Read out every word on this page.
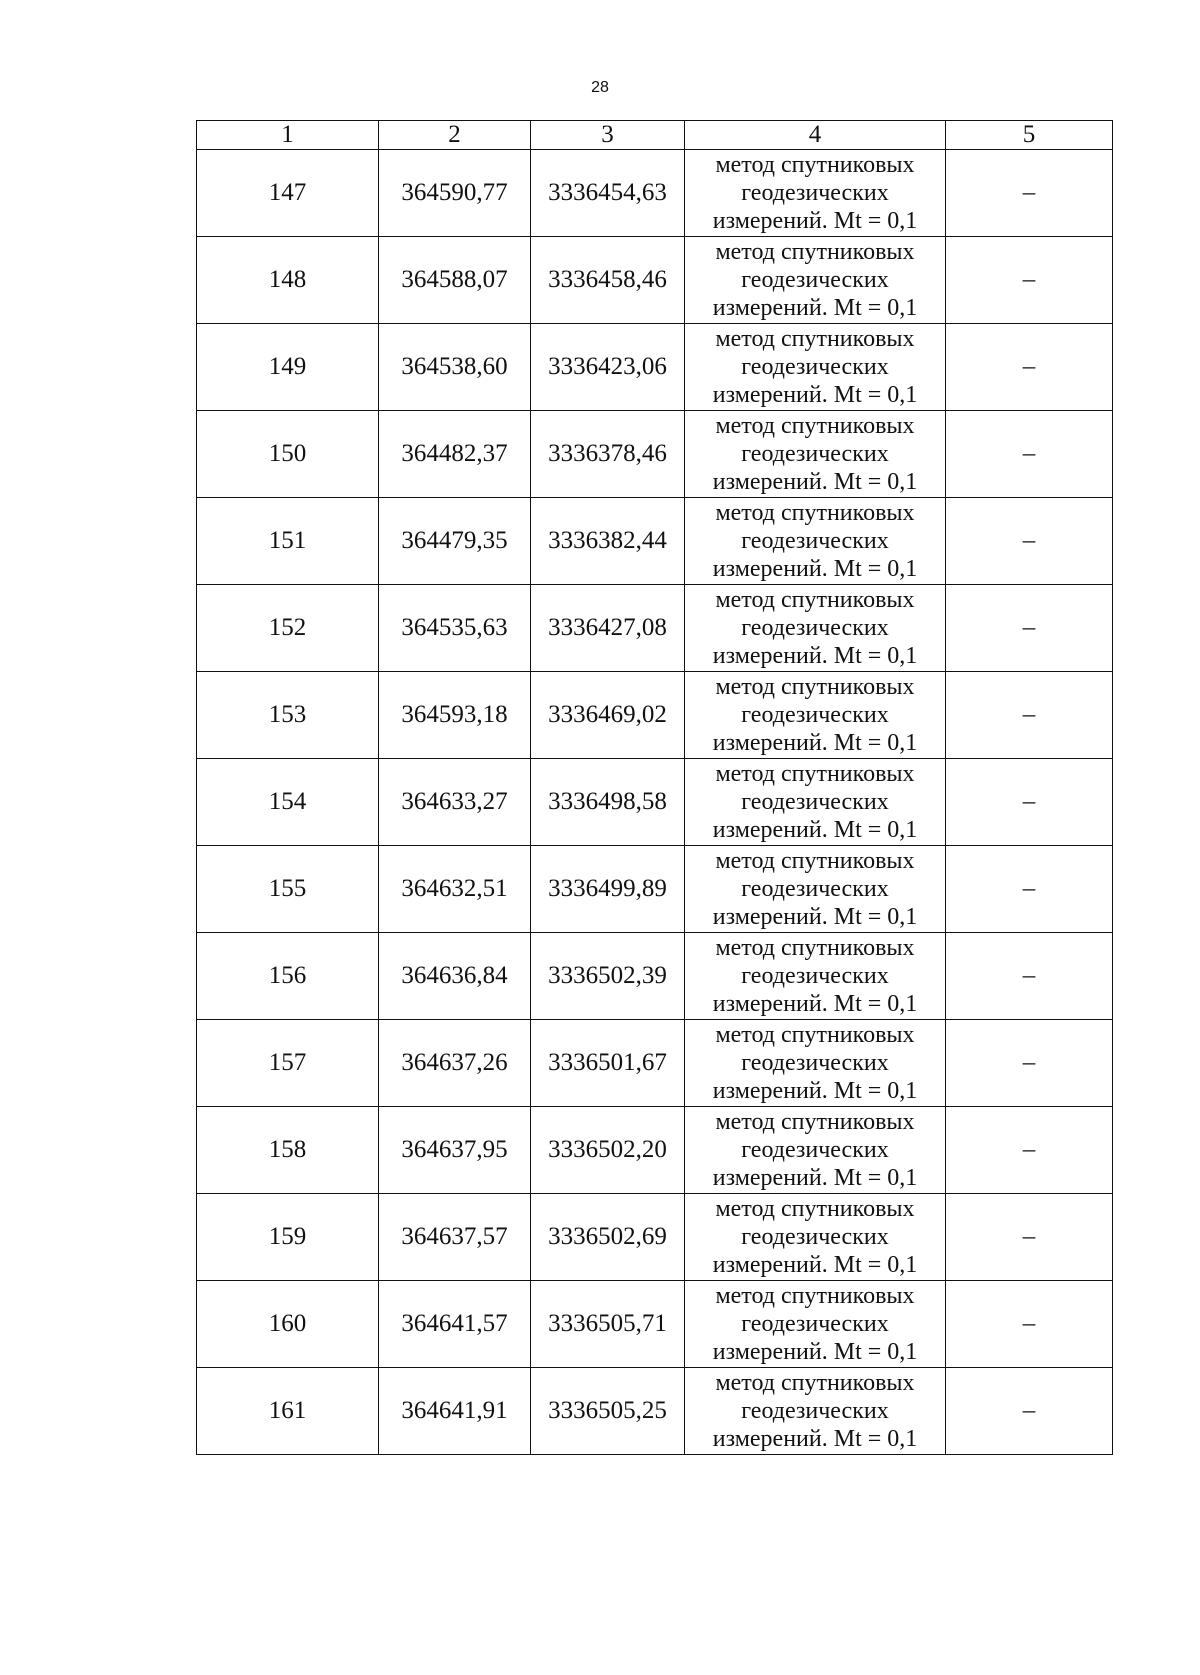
28
1	2	3	4	5
147	364590,77	3336454,63	метод спутниковых геодезических измерений. Mt = 0,1	–
148	364588,07	3336458,46	метод спутниковых геодезических измерений. Mt = 0,1	–
149	364538,60	3336423,06	метод спутниковых геодезических измерений. Mt = 0,1	–
150	364482,37	3336378,46	метод спутниковых геодезических измерений. Mt = 0,1	–
151	364479,35	3336382,44	метод спутниковых геодезических измерений. Mt = 0,1	–
152	364535,63	3336427,08	метод спутниковых геодезических измерений. Mt = 0,1	–
153	364593,18	3336469,02	метод спутниковых геодезических измерений. Mt = 0,1	–
154	364633,27	3336498,58	метод спутниковых геодезических измерений. Mt = 0,1	–
155	364632,51	3336499,89	метод спутниковых геодезических измерений. Mt = 0,1	–
156	364636,84	3336502,39	метод спутниковых геодезических измерений. Mt = 0,1	–
157	364637,26	3336501,67	метод спутниковых геодезических измерений. Mt = 0,1	–
158	364637,95	3336502,20	метод спутниковых геодезических измерений. Mt = 0,1	–
159	364637,57	3336502,69	метод спутниковых геодезических измерений. Mt = 0,1	–
160	364641,57	3336505,71	метод спутниковых геодезических измерений. Mt = 0,1	–
161	364641,91	3336505,25	метод спутниковых геодезических измерений. Mt = 0,1	–
